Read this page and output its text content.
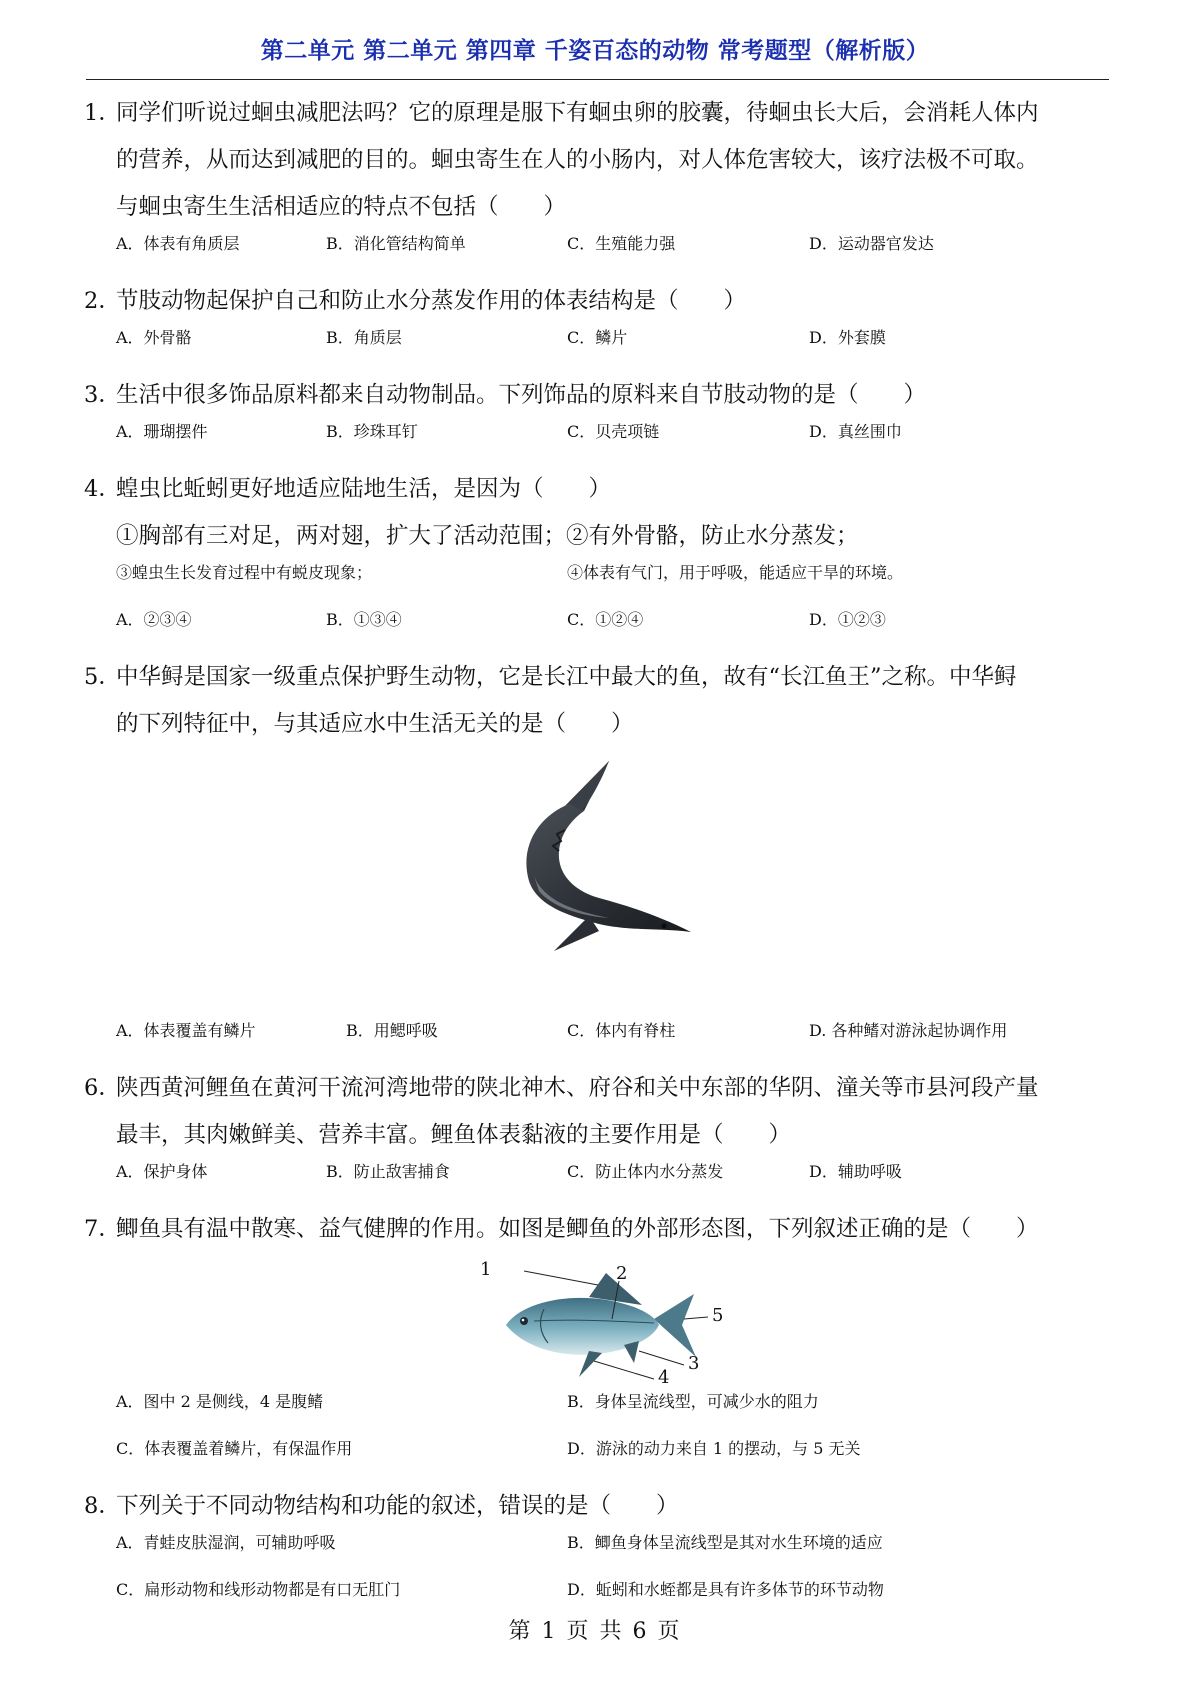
第二单元 第二单元 第四章 千姿百态的动物 常考题型（解析版）
1．同学们听说过蛔虫减肥法吗？它的原理是服下有蛔虫卵的胶囊，待蛔虫长大后，会消耗人体内
的营养，从而达到减肥的目的。蛔虫寄生在人的小肠内，对人体危害较大，该疗法极不可取。
与蛔虫寄生生活相适应的特点不包括（　　）
A．体表有角质层	B．消化管结构简单	C．生殖能力强	D．运动器官发达
2．节肢动物起保护自己和防止水分蒸发作用的体表结构是（　　）
A．外骨骼	B．角质层	C．鳞片	D．外套膜
3．生活中很多饰品原料都来自动物制品。下列饰品的原料来自节肢动物的是（　　）
A．珊瑚摆件	B．珍珠耳钉	C．贝壳项链	D．真丝围巾
4．蝗虫比蚯蚓更好地适应陆地生活，是因为（　　）
①胸部有三对足，两对翅，扩大了活动范围；②有外骨骼，防止水分蒸发；
③蝗虫生长发育过程中有蜕皮现象；	④体表有气门，用于呼吸，能适应干旱的环境。
A．②③④	B．①③④	C．①②④	D．①②③
5．中华鲟是国家一级重点保护野生动物，它是长江中最大的鱼，故有“长江鱼王”之称。中华鲟
的下列特征中，与其适应水中生活无关的是（　　）
A．体表覆盖有鳞片	B．用鳃呼吸	C．体内有脊柱	D. 各种鳍对游泳起协调作用
6．陕西黄河鲤鱼在黄河干流河湾地带的陕北神木、府谷和关中东部的华阴、潼关等市县河段产量
最丰，其肉嫩鲜美、营养丰富。鲤鱼体表黏液的主要作用是（　　）
A．保护身体	B．防止敌害捕食	C．防止体内水分蒸发	D．辅助呼吸
7．鲫鱼具有温中散寒、益气健脾的作用。如图是鲫鱼的外部形态图，下列叙述正确的是（　　）
1	2
3
4
5
A．图中 2 是侧线，4 是腹鳍	B．身体呈流线型，可减少水的阻力
C．体表覆盖着鳞片，有保温作用	D．游泳的动力来自 1 的摆动，与 5 无关
8．下列关于不同动物结构和功能的叙述，错误的是（　　）
A．青蛙皮肤湿润，可辅助呼吸	B．鲫鱼身体呈流线型是其对水生环境的适应
C．扁形动物和线形动物都是有口无肛门	D．蚯蚓和水蛭都是具有许多体节的环节动物
第 1 页 共 6 页
